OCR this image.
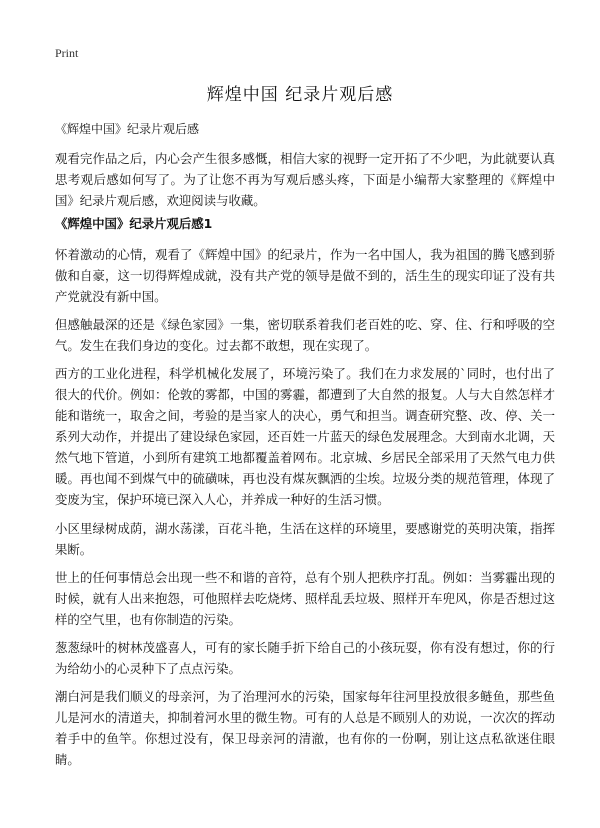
Print
辉煌中国 纪录片观后感
《辉煌中国》纪录片观后感
观看完作品之后，内心会产生很多感慨，相信大家的视野一定开拓了不少吧，为此就要认真思考观后感如何写了。为了让您不再为写观后感头疼，下面是小编帮大家整理的《辉煌中国》纪录片观后感，欢迎阅读与收藏。
《辉煌中国》纪录片观后感1
怀着激动的心情，观看了《辉煌中国》的纪录片，作为一名中国人，我为祖国的腾飞感到骄傲和自豪，这一切得辉煌成就，没有共产党的领导是做不到的，活生生的现实印证了没有共产党就没有新中国。
但感触最深的还是《绿色家园》一集，密切联系着我们老百姓的吃、穿、住、行和呼吸的空气。发生在我们身边的变化。过去都不敢想，现在实现了。
西方的工业化进程，科学机械化发展了，环境污染了。我们在力求发展的`同时，也付出了很大的代价。例如：伦敦的雾都，中国的雾霾，都遭到了大自然的报复。人与大自然怎样才能和谐统一，取舍之间，考验的是当家人的决心，勇气和担当。调查研究整、改、停、关一系列大动作，并提出了建设绿色家园，还百姓一片蓝天的绿色发展理念。大到南水北调，天然气地下管道，小到所有建筑工地都覆盖着网布。北京城、乡居民全部采用了天然气电力供暖。再也闻不到煤气中的硫磺味，再也没有煤灰飘洒的尘埃。垃圾分类的规范管理，体现了变废为宝，保护环境已深入人心，并养成一种好的生活习惯。
小区里绿树成荫，湖水荡漾，百花斗艳，生活在这样的环境里，要感谢党的英明决策，指挥果断。
世上的任何事情总会出现一些不和谐的音符，总有个别人把秩序打乱。例如：当雾霾出现的时候，就有人出来抱怨，可他照样去吃烧烤、照样乱丢垃圾、照样开车兜风，你是否想过这样的空气里，也有你制造的污染。
葱葱绿叶的树林茂盛喜人，可有的家长随手折下给自己的小孩玩耍，你有没有想过，你的行为给幼小的心灵种下了点点污染。
潮白河是我们顺义的母亲河，为了治理河水的污染，国家每年往河里投放很多鲢鱼，那些鱼儿是河水的清道夫，抑制着河水里的微生物。可有的人总是不顾别人的劝说，一次次的挥动着手中的鱼竿。你想过没有，保卫母亲河的清澈，也有你的一份啊，别让这点私欲迷住眼睛。
